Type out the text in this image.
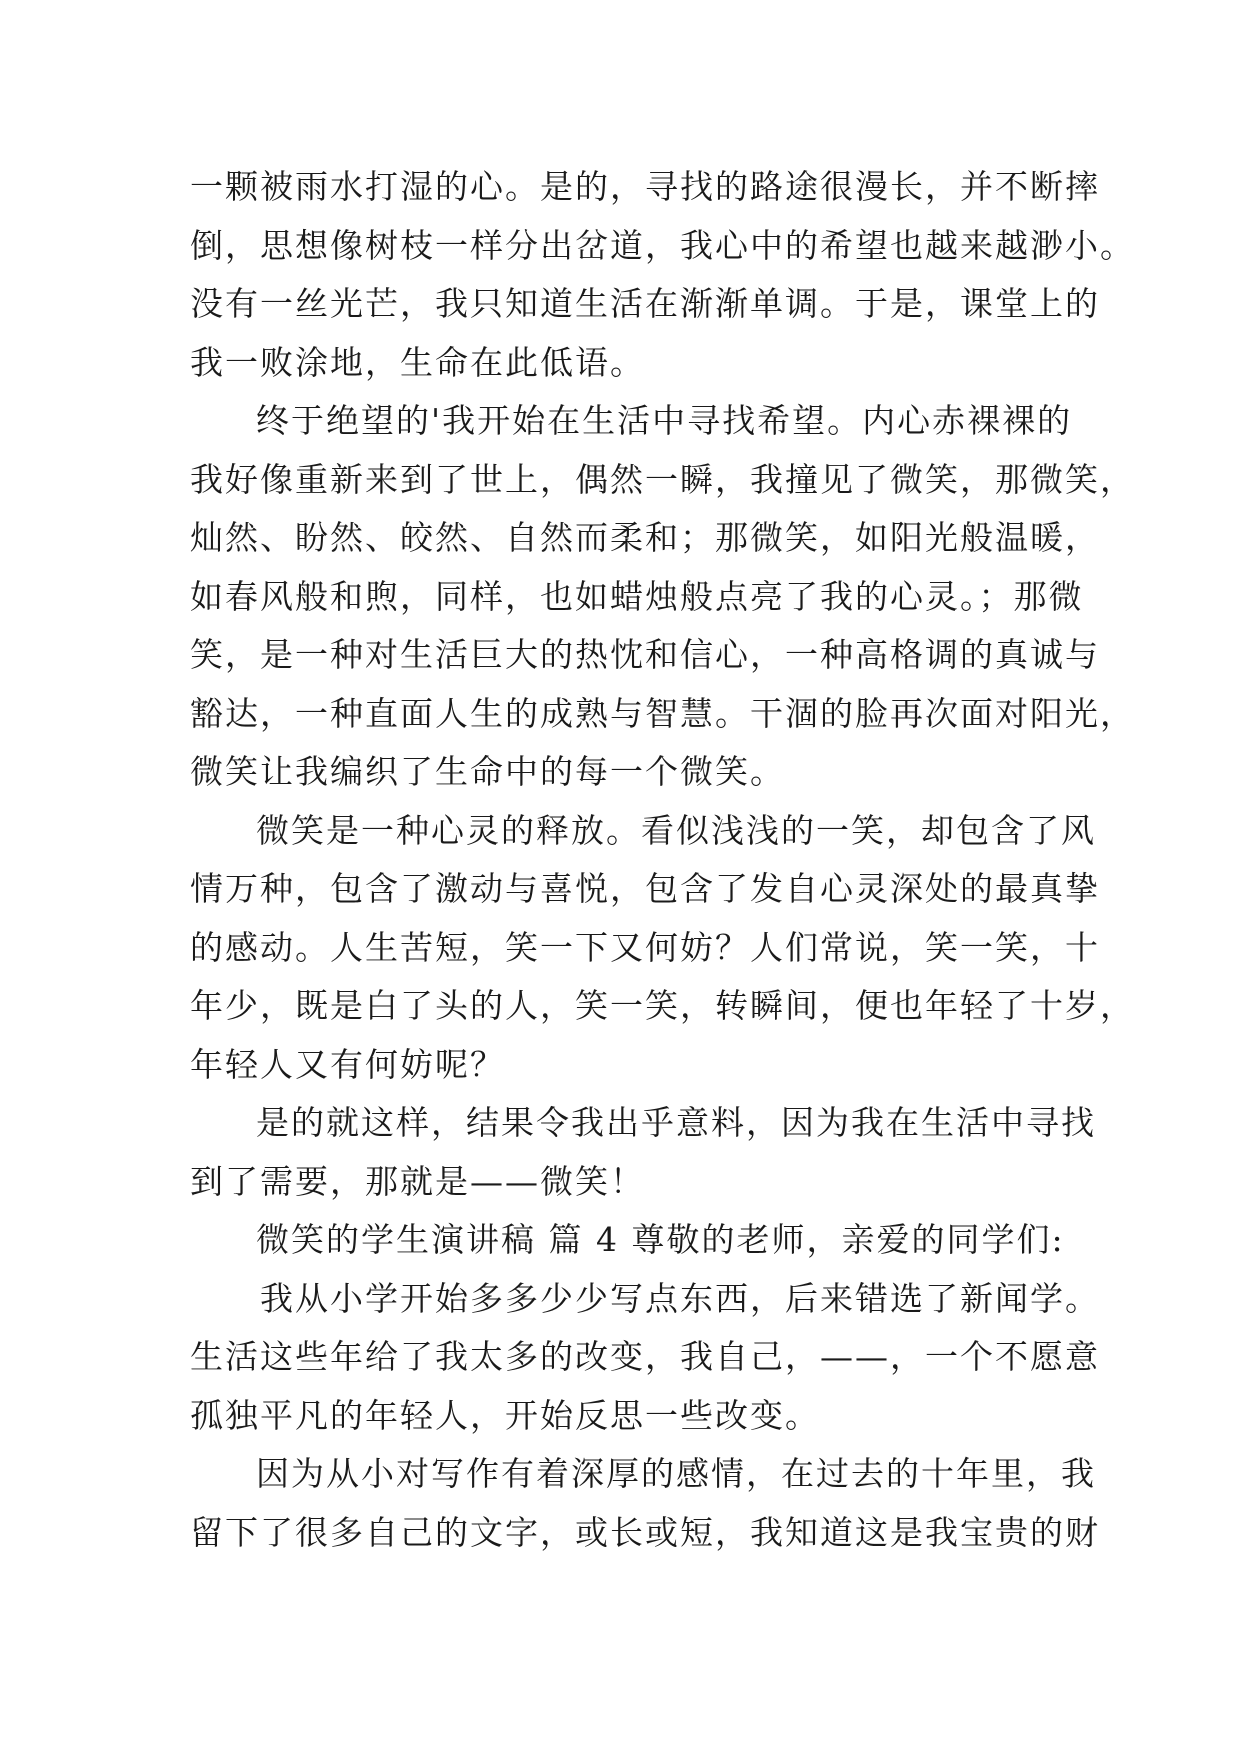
一颗被雨水打湿的心。是的，寻找的路途很漫长，并不断摔
倒，思想像树枝一样分出岔道，我心中的希望也越来越渺小。
没有一丝光芒，我只知道生活在渐渐单调。于是，课堂上的
我一败涂地，生命在此低语。
终于绝望的'我开始在生活中寻找希望。内心赤裸裸的
我好像重新来到了世上，偶然一瞬，我撞见了微笑，那微笑，
灿然、盼然、皎然、自然而柔和；那微笑，如阳光般温暖，
如春风般和煦，同样，也如蜡烛般点亮了我的心灵。；那微
笑，是一种对生活巨大的热忱和信心，一种高格调的真诚与
豁达，一种直面人生的成熟与智慧。干涸的脸再次面对阳光，
微笑让我编织了生命中的每一个微笑。
微笑是一种心灵的释放。看似浅浅的一笑，却包含了风
情万种，包含了激动与喜悦，包含了发自心灵深处的最真挚
的感动。人生苦短，笑一下又何妨？人们常说，笑一笑，十
年少，既是白了头的人，笑一笑，转瞬间，便也年轻了十岁，
年轻人又有何妨呢？
是的就这样，结果令我出乎意料，因为我在生活中寻找
到了需要，那就是——微笑！
微笑的学生演讲稿 篇 4 尊敬的老师，亲爱的同学们:
我从小学开始多多少少写点东西，后来错选了新闻学。
生活这些年给了我太多的改变，我自己，——，一个不愿意
孤独平凡的年轻人，开始反思一些改变。
因为从小对写作有着深厚的感情，在过去的十年里，我
留下了很多自己的文字，或长或短，我知道这是我宝贵的财
